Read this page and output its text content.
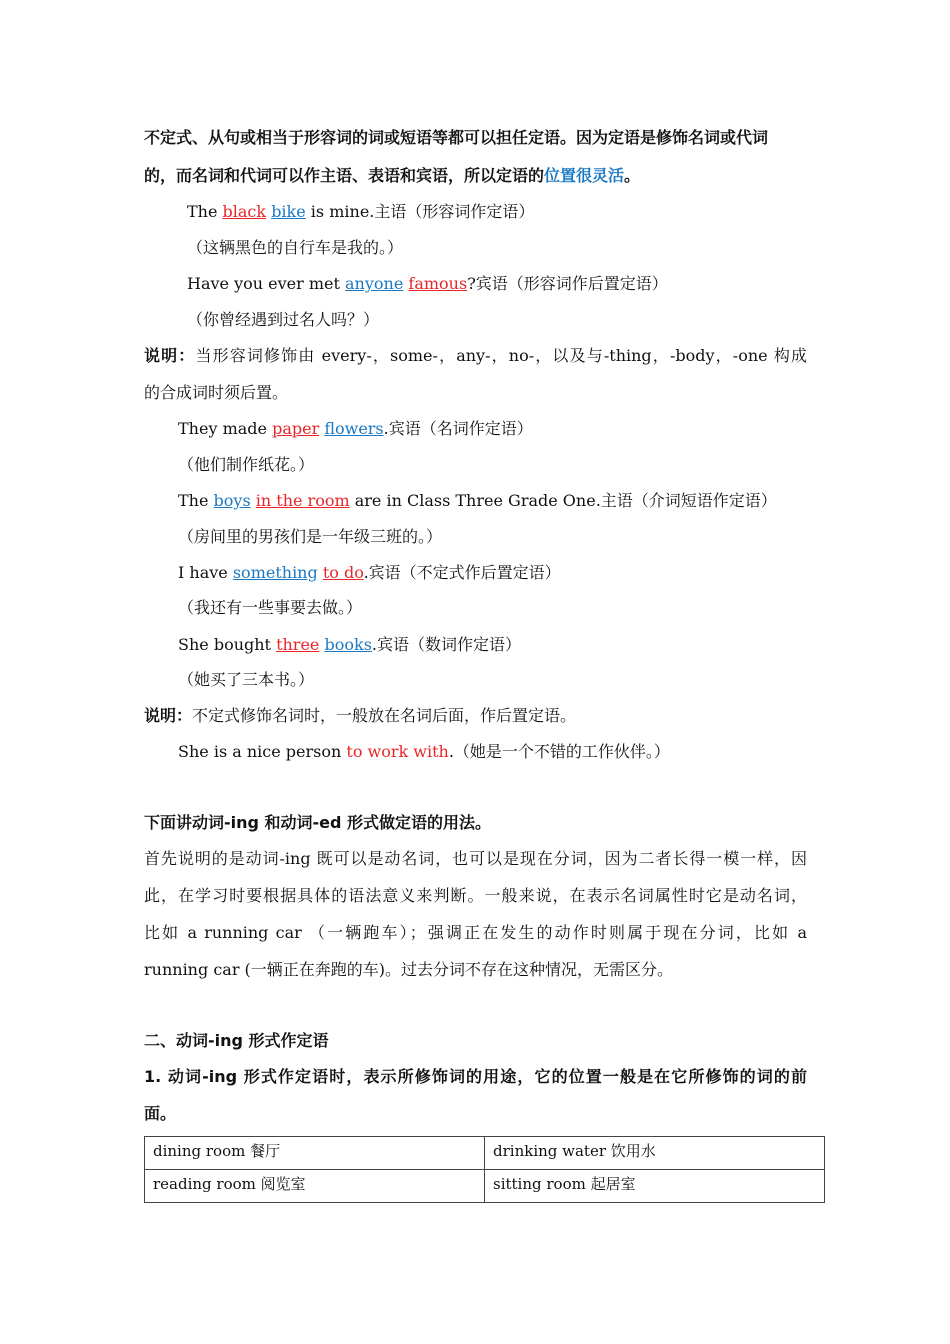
不定式、从句或相当于形容词的词或短语等都可以担任定语。因为定语是修饰名词或代词
的，而名词和代词可以作主语、表语和宾语，所以定语的位置很灵活。
The black bike is mine.主语（形容词作定语）
（这辆黑色的自行车是我的。）
Have you ever met anyone famous?宾语（形容词作后置定语）
（你曾经遇到过名人吗？）
说明：当形容词修饰由 every-，some-，any-，no-，以及与-thing，-body，-one 构成
的合成词时须后置。
They made paper flowers.宾语（名词作定语）
（他们制作纸花。）
The boys in the room are in Class Three Grade One.主语（介词短语作定语）
（房间里的男孩们是一年级三班的。）
I have something to do.宾语（不定式作后置定语）
（我还有一些事要去做。）
She bought three books.宾语（数词作定语）
（她买了三本书。）
说明：不定式修饰名词时，一般放在名词后面，作后置定语。
She is a nice person to work with.（她是一个不错的工作伙伴。）
下面讲动词-ing 和动词-ed 形式做定语的用法。
首先说明的是动词-ing 既可以是动名词，也可以是现在分词，因为二者长得一模一样，因
此，在学习时要根据具体的语法意义来判断。一般来说，在表示名词属性时它是动名词，
比如 a running car （一辆跑车）；强调正在发生的动作时则属于现在分词，比如 a
running car (一辆正在奔跑的车)。过去分词不存在这种情况，无需区分。
二、动词-ing 形式作定语
1. 动词-ing 形式作定语时，表示所修饰词的用途，它的位置一般是在它所修饰的词的前
面。
dining room 餐厅	drinking water 饮用水
reading room 阅览室	sitting room 起居室
